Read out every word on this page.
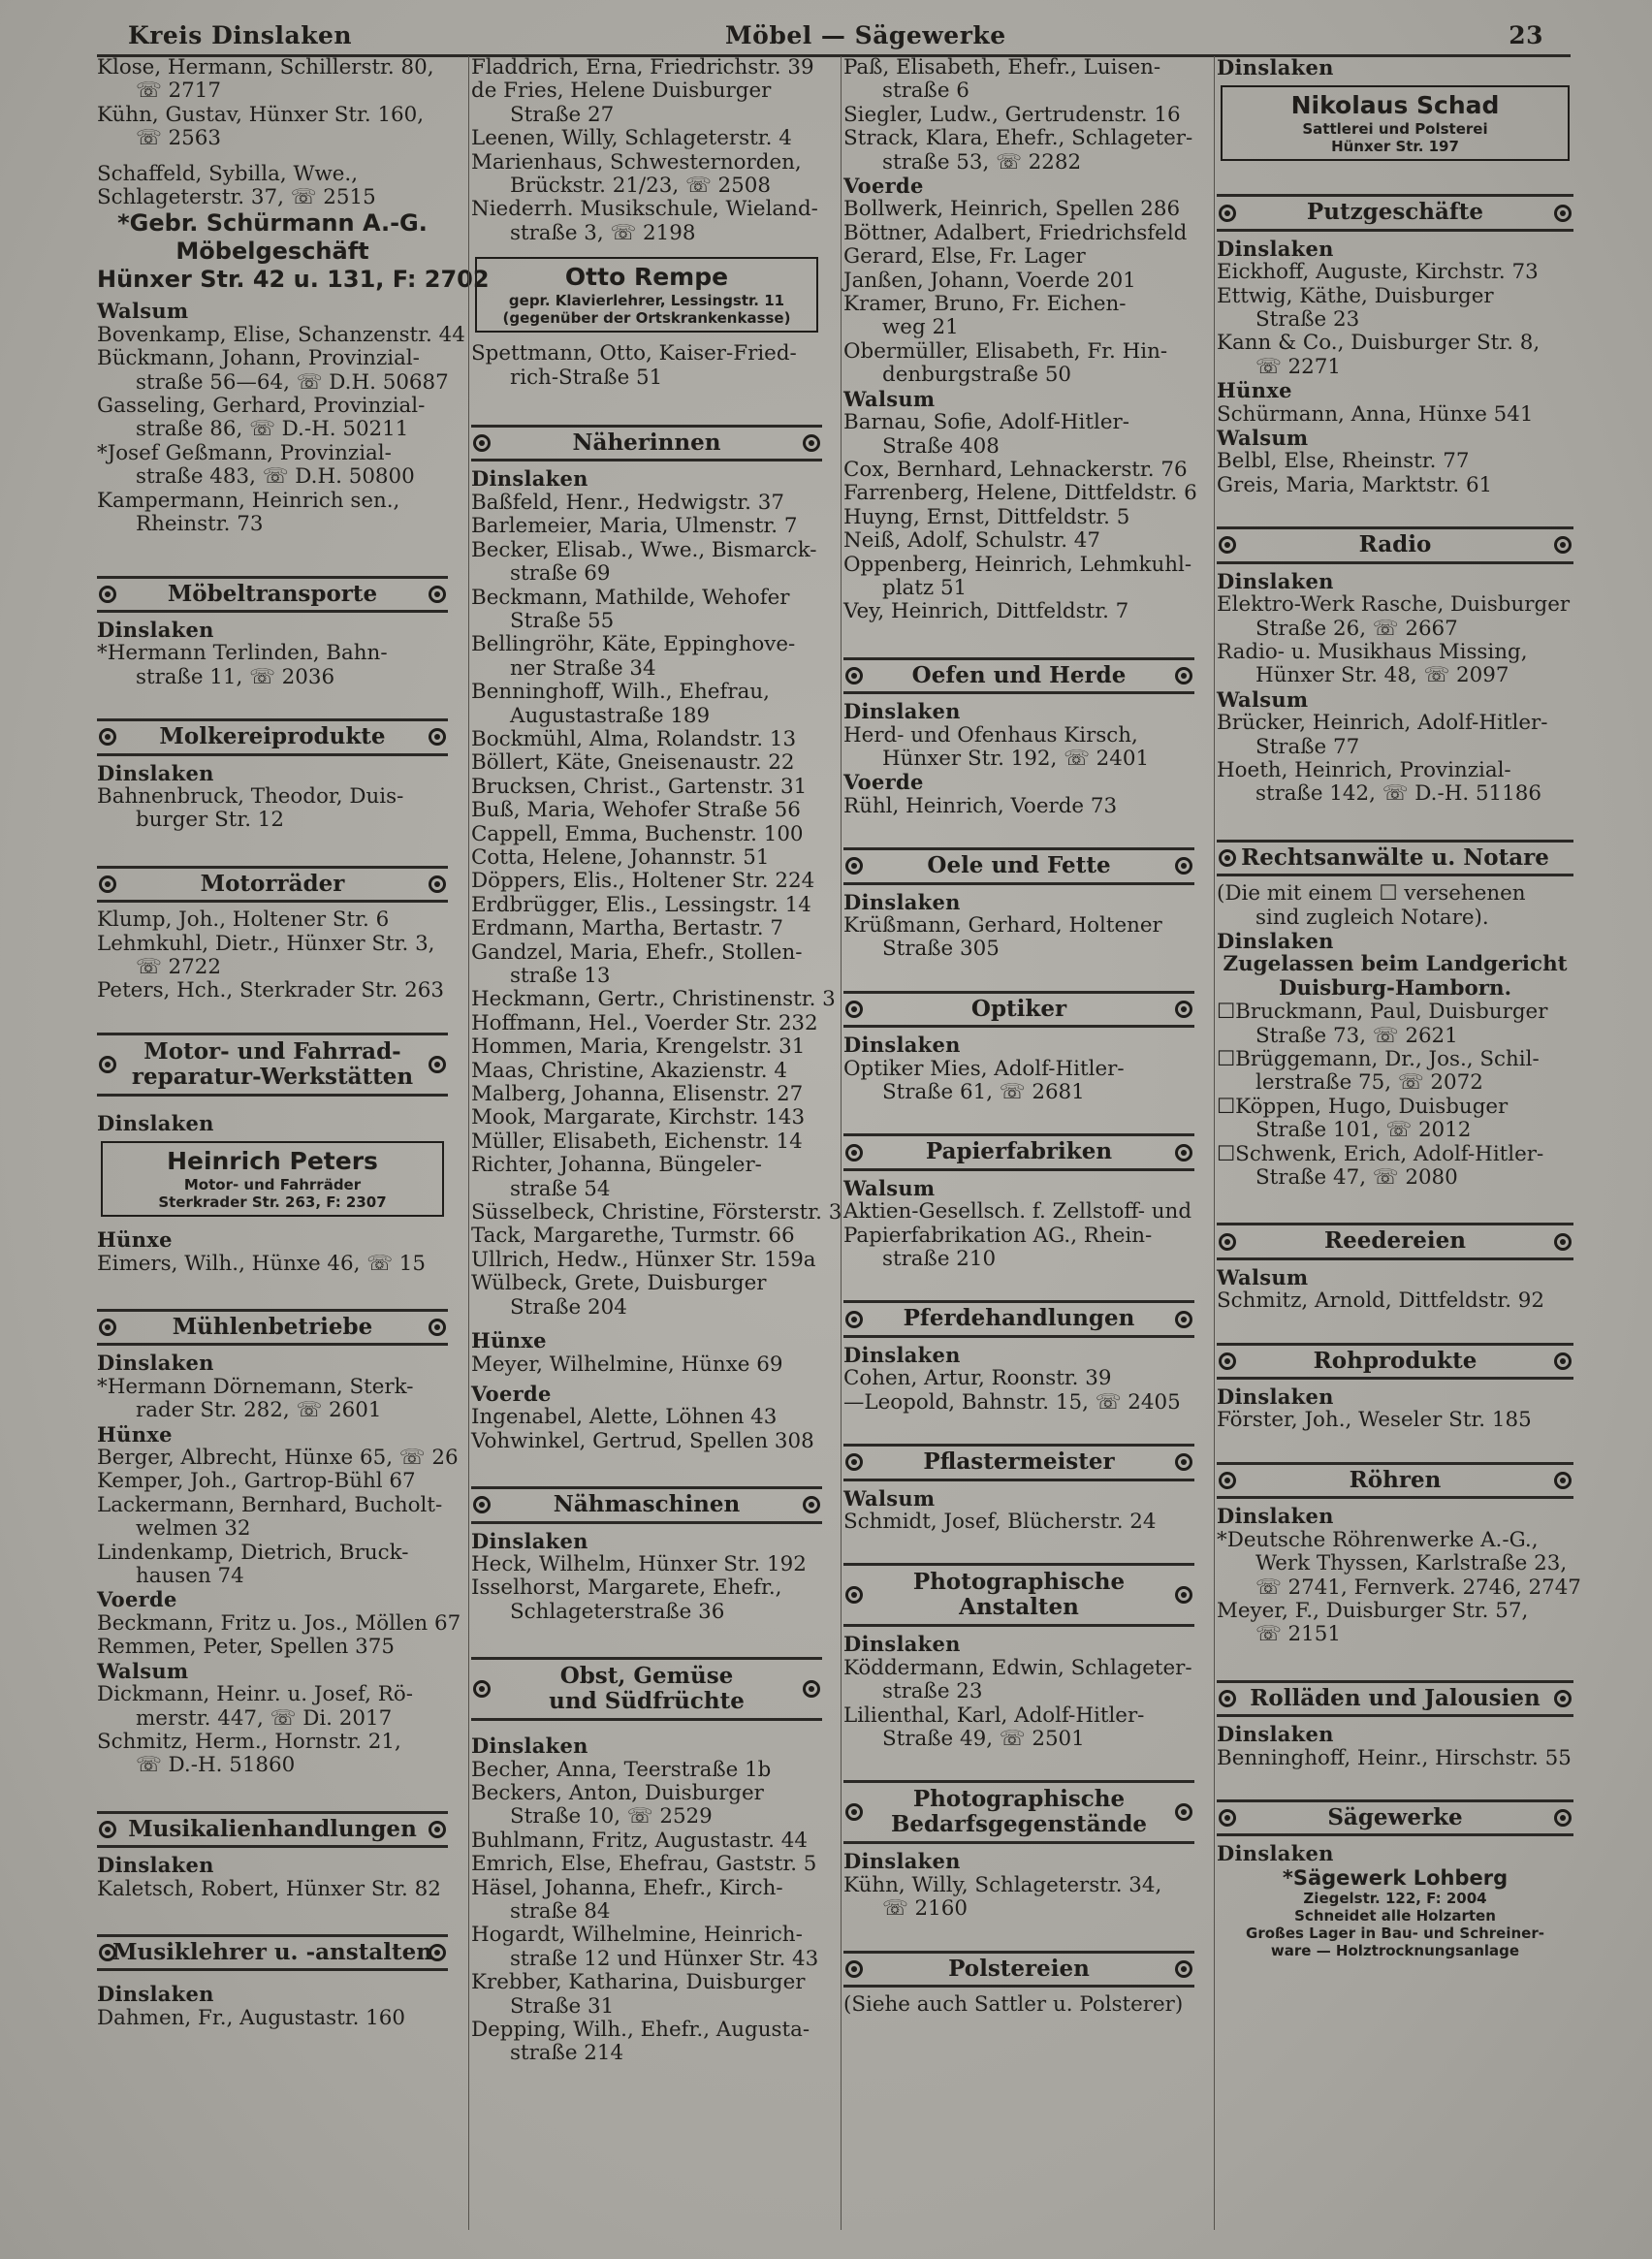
Kreis Dinslaken	Möbel — Sägewerke	23
Klose, Hermann, Schillerstr. 80,
☏ 2717
Kühn, Gustav, Hünxer Str. 160,
☏ 2563
Schaffeld, Sybilla, Wwe.,
Schlageterstr. 37, ☏ 2515
*Gebr. Schürmann A.-G.
Möbelgeschäft
Hünxer Str. 42 u. 131, F: 2702
Walsum
Bovenkamp, Elise, Schanzenstr. 44
Bückmann, Johann, Provinzial-
straße 56—64, ☏ D.H. 50687
Gasseling, Gerhard, Provinzial-
straße 86, ☏ D.-H. 50211
*Josef Geßmann, Provinzial-
straße 483, ☏ D.H. 50800
Kampermann, Heinrich sen.,
Rheinstr. 73
Möbeltransporte
Dinslaken
*Hermann Terlinden, Bahn-
straße 11, ☏ 2036
Molkereiprodukte
Dinslaken
Bahnenbruck, Theodor, Duis-
burger Str. 12
Motorräder
Klump, Joh., Holtener Str. 6
Lehmkuhl, Dietr., Hünxer Str. 3,
☏ 2722
Peters, Hch., Sterkrader Str. 263
Motor- und Fahrrad-
reparatur-Werkstätten
Dinslaken
Heinrich Peters
Motor- und Fahrräder
Sterkrader Str. 263, F: 2307
Hünxe
Eimers, Wilh., Hünxe 46, ☏ 15
Mühlenbetriebe
Dinslaken
*Hermann Dörnemann, Sterk-
rader Str. 282, ☏ 2601
Hünxe
Berger, Albrecht, Hünxe 65, ☏ 26
Kemper, Joh., Gartrop-Bühl 67
Lackermann, Bernhard, Bucholt-
welmen 32
Lindenkamp, Dietrich, Bruck-
hausen 74
Voerde
Beckmann, Fritz u. Jos., Möllen 67
Remmen, Peter, Spellen 375
Walsum
Dickmann, Heinr. u. Josef, Rö-
merstr. 447, ☏ Di. 2017
Schmitz, Herm., Hornstr. 21,
☏ D.-H. 51860
Musikalienhandlungen
Dinslaken
Kaletsch, Robert, Hünxer Str. 82
Musiklehrer u. -anstalten
Dinslaken
Dahmen, Fr., Augustastr. 160
Fladdrich, Erna, Friedrichstr. 39
de Fries, Helene Duisburger
Straße 27
Leenen, Willy, Schlageterstr. 4
Marienhaus, Schwesternorden,
Brückstr. 21/23, ☏ 2508
Niederrh. Musikschule, Wieland-
straße 3, ☏ 2198
Otto Rempe
gepr. Klavierlehrer, Lessingstr. 11
(gegenüber der Ortskrankenkasse)
Spettmann, Otto, Kaiser-Fried-
rich-Straße 51
Näherinnen
Dinslaken
Baßfeld, Henr., Hedwigstr. 37
Barlemeier, Maria, Ulmenstr. 7
Becker, Elisab., Wwe., Bismarck-
straße 69
Beckmann, Mathilde, Wehofer
Straße 55
Bellingröhr, Käte, Eppinghove-
ner Straße 34
Benninghoff, Wilh., Ehefrau,
Augustastraße 189
Bockmühl, Alma, Rolandstr. 13
Böllert, Käte, Gneisenaustr. 22
Brucksen, Christ., Gartenstr. 31
Buß, Maria, Wehofer Straße 56
Cappell, Emma, Buchenstr. 100
Cotta, Helene, Johannstr. 51
Döppers, Elis., Holtener Str. 224
Erdbrügger, Elis., Lessingstr. 14
Erdmann, Martha, Bertastr. 7
Gandzel, Maria, Ehefr., Stollen-
straße 13
Heckmann, Gertr., Christinenstr. 3
Hoffmann, Hel., Voerder Str. 232
Hommen, Maria, Krengelstr. 31
Maas, Christine, Akazienstr. 4
Malberg, Johanna, Elisenstr. 27
Mook, Margarate, Kirchstr. 143
Müller, Elisabeth, Eichenstr. 14
Richter, Johanna, Büngeler-
straße 54
Süsselbeck, Christine, Försterstr. 3
Tack, Margarethe, Turmstr. 66
Ullrich, Hedw., Hünxer Str. 159a
Wülbeck, Grete, Duisburger
Straße 204
Hünxe
Meyer, Wilhelmine, Hünxe 69
Voerde
Ingenabel, Alette, Löhnen 43
Vohwinkel, Gertrud, Spellen 308
Nähmaschinen
Dinslaken
Heck, Wilhelm, Hünxer Str. 192
Isselhorst, Margarete, Ehefr.,
Schlageterstraße 36
Obst, Gemüse
und Südfrüchte
Dinslaken
Becher, Anna, Teerstraße 1b
Beckers, Anton, Duisburger
Straße 10, ☏ 2529
Buhlmann, Fritz, Augustastr. 44
Emrich, Else, Ehefrau, Gaststr. 5
Häsel, Johanna, Ehefr., Kirch-
straße 84
Hogardt, Wilhelmine, Heinrich-
straße 12 und Hünxer Str. 43
Krebber, Katharina, Duisburger
Straße 31
Depping, Wilh., Ehefr., Augusta-
straße 214
Paß, Elisabeth, Ehefr., Luisen-
straße 6
Siegler, Ludw., Gertrudenstr. 16
Strack, Klara, Ehefr., Schlageter-
straße 53, ☏ 2282
Voerde
Bollwerk, Heinrich, Spellen 286
Böttner, Adalbert, Friedrichsfeld
Gerard, Else, Fr. Lager
Janßen, Johann, Voerde 201
Kramer, Bruno, Fr. Eichen-
weg 21
Obermüller, Elisabeth, Fr. Hin-
denburgstraße 50
Walsum
Barnau, Sofie, Adolf-Hitler-
Straße 408
Cox, Bernhard, Lehnackerstr. 76
Farrenberg, Helene, Dittfeldstr. 6
Huyng, Ernst, Dittfeldstr. 5
Neiß, Adolf, Schulstr. 47
Oppenberg, Heinrich, Lehmkuhl-
platz 51
Vey, Heinrich, Dittfeldstr. 7
Oefen und Herde
Dinslaken
Herd- und Ofenhaus Kirsch,
Hünxer Str. 192, ☏ 2401
Voerde
Rühl, Heinrich, Voerde 73
Oele und Fette
Dinslaken
Krüßmann, Gerhard, Holtener
Straße 305
Optiker
Dinslaken
Optiker Mies, Adolf-Hitler-
Straße 61, ☏ 2681
Papierfabriken
Walsum
Aktien-Gesellsch. f. Zellstoff- und
Papierfabrikation AG., Rhein-
straße 210
Pferdehandlungen
Dinslaken
Cohen, Artur, Roonstr. 39
—Leopold, Bahnstr. 15, ☏ 2405
Pflastermeister
Walsum
Schmidt, Josef, Blücherstr. 24
Photographische
Anstalten
Dinslaken
Köddermann, Edwin, Schlageter-
straße 23
Lilienthal, Karl, Adolf-Hitler-
Straße 49, ☏ 2501
Photographische
Bedarfsgegenstände
Dinslaken
Kühn, Willy, Schlageterstr. 34,
☏ 2160
Polstereien
(Siehe auch Sattler u. Polsterer)
Dinslaken
Nikolaus Schad
Sattlerei und Polsterei
Hünxer Str. 197
Putzgeschäfte
Dinslaken
Eickhoff, Auguste, Kirchstr. 73
Ettwig, Käthe, Duisburger
Straße 23
Kann & Co., Duisburger Str. 8,
☏ 2271
Hünxe
Schürmann, Anna, Hünxe 541
Walsum
Belbl, Else, Rheinstr. 77
Greis, Maria, Marktstr. 61
Radio
Dinslaken
Elektro-Werk Rasche, Duisburger
Straße 26, ☏ 2667
Radio- u. Musikhaus Missing,
Hünxer Str. 48, ☏ 2097
Walsum
Brücker, Heinrich, Adolf-Hitler-
Straße 77
Hoeth, Heinrich, Provinzial-
straße 142, ☏ D.-H. 51186
Rechtsanwälte u. Notare
(Die mit einem ☐ versehenen
sind zugleich Notare).
Dinslaken
Zugelassen beim Landgericht
Duisburg-Hamborn.
☐Bruckmann, Paul, Duisburger
Straße 73, ☏ 2621
☐Brüggemann, Dr., Jos., Schil-
lerstraße 75, ☏ 2072
☐Köppen, Hugo, Duisbuger
Straße 101, ☏ 2012
☐Schwenk, Erich, Adolf-Hitler-
Straße 47, ☏ 2080
Reedereien
Walsum
Schmitz, Arnold, Dittfeldstr. 92
Rohprodukte
Dinslaken
Förster, Joh., Weseler Str. 185
Röhren
Dinslaken
*Deutsche Röhrenwerke A.-G.,
Werk Thyssen, Karlstraße 23,
☏ 2741, Fernverk. 2746, 2747
Meyer, F., Duisburger Str. 57,
☏ 2151
Rolläden und Jalousien
Dinslaken
Benninghoff, Heinr., Hirschstr. 55
Sägewerke
Dinslaken
*Sägewerk Lohberg
Ziegelstr. 122, F: 2004
Schneidet alle Holzarten
Großes Lager in Bau- und Schreiner-
ware — Holztrocknungsanlage
